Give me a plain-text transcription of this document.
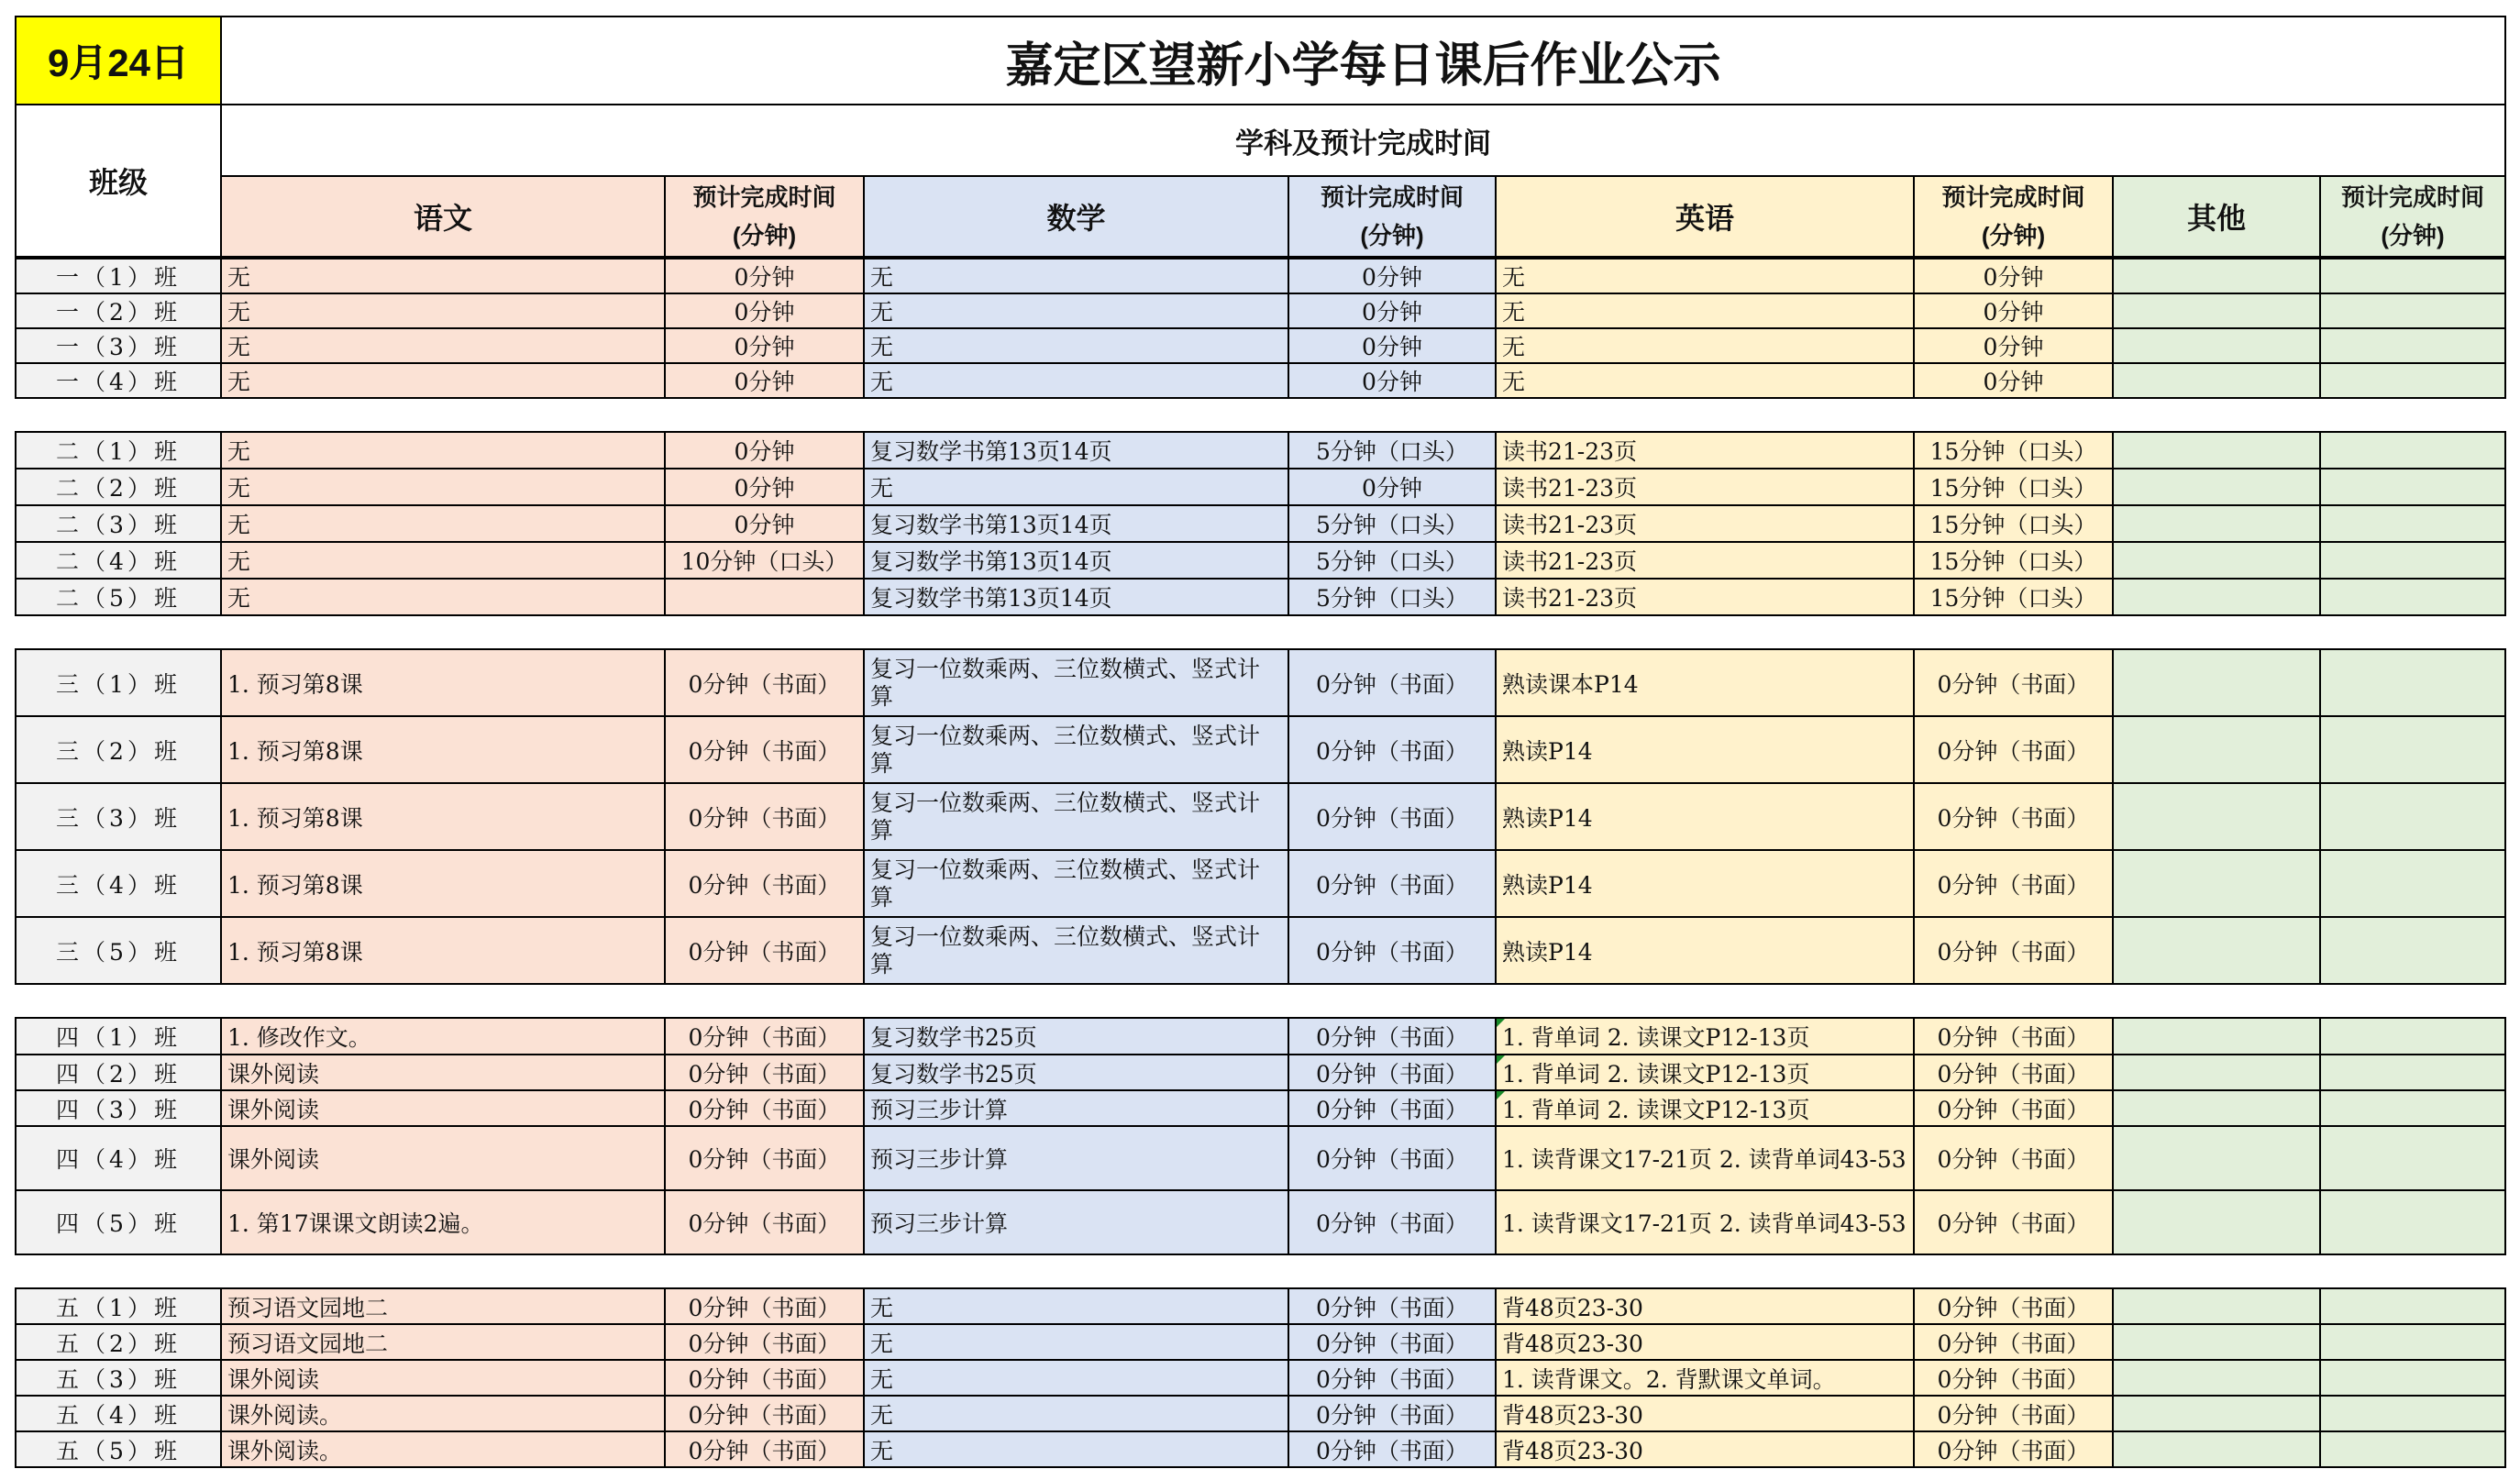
9月24日	嘉定区望新小学每日课后作业公示							
班级	学科及预计完成时间							
	语文	预计完成时间
(分钟)	数学	预计完成时间
(分钟)	英语	预计完成时间
(分钟)	其他	预计完成时间
(分钟)
一（1）班	无	0分钟	无	0分钟	无	0分钟		
一（2）班	无	0分钟	无	0分钟	无	0分钟		
一（3）班	无	0分钟	无	0分钟	无	0分钟		
一（4）班	无	0分钟	无	0分钟	无	0分钟		
二（1）班	无	0分钟	复习数学书第13页14页	5分钟（口头）	读书21-23页	15分钟（口头）		
二（2）班	无	0分钟	无	0分钟	读书21-23页	15分钟（口头）		
二（3）班	无	0分钟	复习数学书第13页14页	5分钟（口头）	读书21-23页	15分钟（口头）		
二（4）班	无	10分钟（口头）	复习数学书第13页14页	5分钟（口头）	读书21-23页	15分钟（口头）		
二（5）班	无		复习数学书第13页14页	5分钟（口头）	读书21-23页	15分钟（口头）		
三（1）班	1. 预习第8课	0分钟（书面）	复习一位数乘两、三位数横式、竖式计算	0分钟（书面）	熟读课本P14	0分钟（书面）		
三（2）班	1. 预习第8课	0分钟（书面）	复习一位数乘两、三位数横式、竖式计算	0分钟（书面）	熟读P14	0分钟（书面）		
三（3）班	1. 预习第8课	0分钟（书面）	复习一位数乘两、三位数横式、竖式计算	0分钟（书面）	熟读P14	0分钟（书面）		
三（4）班	1. 预习第8课	0分钟（书面）	复习一位数乘两、三位数横式、竖式计算	0分钟（书面）	熟读P14	0分钟（书面）		
三（5）班	1. 预习第8课	0分钟（书面）	复习一位数乘两、三位数横式、竖式计算	0分钟（书面）	熟读P14	0分钟（书面）		
四（1）班	1. 修改作文。	0分钟（书面）	复习数学书25页	0分钟（书面）	1. 背单词 2. 读课文P12-13页	0分钟（书面）		
四（2）班	课外阅读	0分钟（书面）	复习数学书25页	0分钟（书面）	1. 背单词 2. 读课文P12-13页	0分钟（书面）		
四（3）班	课外阅读	0分钟（书面）	预习三步计算	0分钟（书面）	1. 背单词 2. 读课文P12-13页	0分钟（书面）		
四（4）班	课外阅读	0分钟（书面）	预习三步计算	0分钟（书面）	1. 读背课文17-21页 2. 读背单词43-53	0分钟（书面）		
四（5）班	1. 第17课课文朗读2遍。	0分钟（书面）	预习三步计算	0分钟（书面）	1. 读背课文17-21页 2. 读背单词43-53	0分钟（书面）		
五（1）班	预习语文园地二	0分钟（书面）	无	0分钟（书面）	背48页23-30	0分钟（书面）		
五（2）班	预习语文园地二	0分钟（书面）	无	0分钟（书面）	背48页23-30	0分钟（书面）		
五（3）班	课外阅读	0分钟（书面）	无	0分钟（书面）	1. 读背课文。2. 背默课文单词。	0分钟（书面）		
五（4）班	课外阅读。	0分钟（书面）	无	0分钟（书面）	背48页23-30	0分钟（书面）		
五（5）班	课外阅读。	0分钟（书面）	无	0分钟（书面）	背48页23-30	0分钟（书面）		
